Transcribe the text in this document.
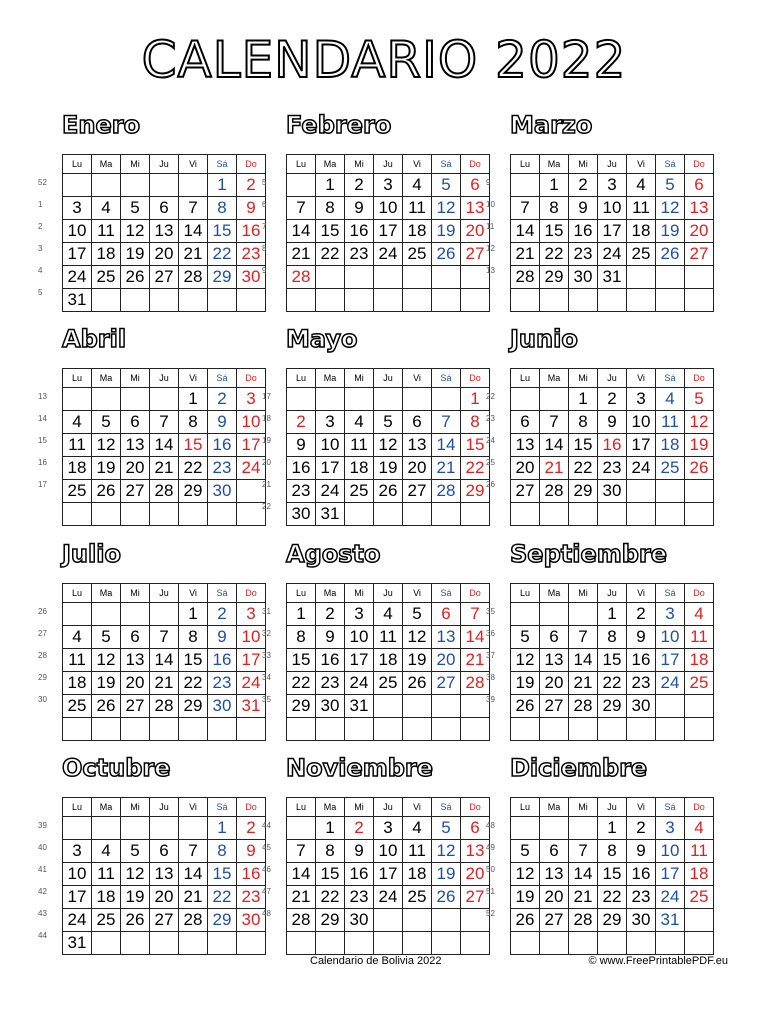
CALENDARIO 2022
Enero
52
1
2
3
4
5
Lu	Ma	Mi	Ju	Vi	Sá	Do
					1	2
3	4	5	6	7	8	9
10	11	12	13	14	15	16
17	18	19	20	21	22	23
24	25	26	27	28	29	30
31						
Febrero
5
6
7
8
9
Lu	Ma	Mi	Ju	Vi	Sá	Do
	1	2	3	4	5	6
7	8	9	10	11	12	13
14	15	16	17	18	19	20
21	22	23	24	25	26	27
28						

Marzo
9
10
11
12
13
Lu	Ma	Mi	Ju	Vi	Sá	Do
	1	2	3	4	5	6
7	8	9	10	11	12	13
14	15	16	17	18	19	20
21	22	23	24	25	26	27
28	29	30	31			

Abril
13
14
15
16
17
Lu	Ma	Mi	Ju	Vi	Sá	Do
				1	2	3
4	5	6	7	8	9	10
11	12	13	14	15	16	17
18	19	20	21	22	23	24
25	26	27	28	29	30	

Mayo
17
18
19
20
21
22
Lu	Ma	Mi	Ju	Vi	Sá	Do
						1
2	3	4	5	6	7	8
9	10	11	12	13	14	15
16	17	18	19	20	21	22
23	24	25	26	27	28	29
30	31					
Junio
22
23
24
25
26
Lu	Ma	Mi	Ju	Vi	Sá	Do
		1	2	3	4	5
6	7	8	9	10	11	12
13	14	15	16	17	18	19
20	21	22	23	24	25	26
27	28	29	30			

Julio
26
27
28
29
30
Lu	Ma	Mi	Ju	Vi	Sá	Do
				1	2	3
4	5	6	7	8	9	10
11	12	13	14	15	16	17
18	19	20	21	22	23	24
25	26	27	28	29	30	31

Agosto
31
32
33
34
35
Lu	Ma	Mi	Ju	Vi	Sá	Do
1	2	3	4	5	6	7
8	9	10	11	12	13	14
15	16	17	18	19	20	21
22	23	24	25	26	27	28
29	30	31				

Septiembre
35
36
37
38
39
Lu	Ma	Mi	Ju	Vi	Sá	Do
			1	2	3	4
5	6	7	8	9	10	11
12	13	14	15	16	17	18
19	20	21	22	23	24	25
26	27	28	29	30		

Octubre
39
40
41
42
43
44
Lu	Ma	Mi	Ju	Vi	Sá	Do
					1	2
3	4	5	6	7	8	9
10	11	12	13	14	15	16
17	18	19	20	21	22	23
24	25	26	27	28	29	30
31						
Noviembre
44
45
46
47
48
Lu	Ma	Mi	Ju	Vi	Sá	Do
	1	2	3	4	5	6
7	8	9	10	11	12	13
14	15	16	17	18	19	20
21	22	23	24	25	26	27
28	29	30				

Diciembre
48
49
50
51
52
Lu	Ma	Mi	Ju	Vi	Sá	Do
			1	2	3	4
5	6	7	8	9	10	11
12	13	14	15	16	17	18
19	20	21	22	23	24	25
26	27	28	29	30	31	

Calendario de Bolivia 2022	© www.FreePrintablePDF.eu
